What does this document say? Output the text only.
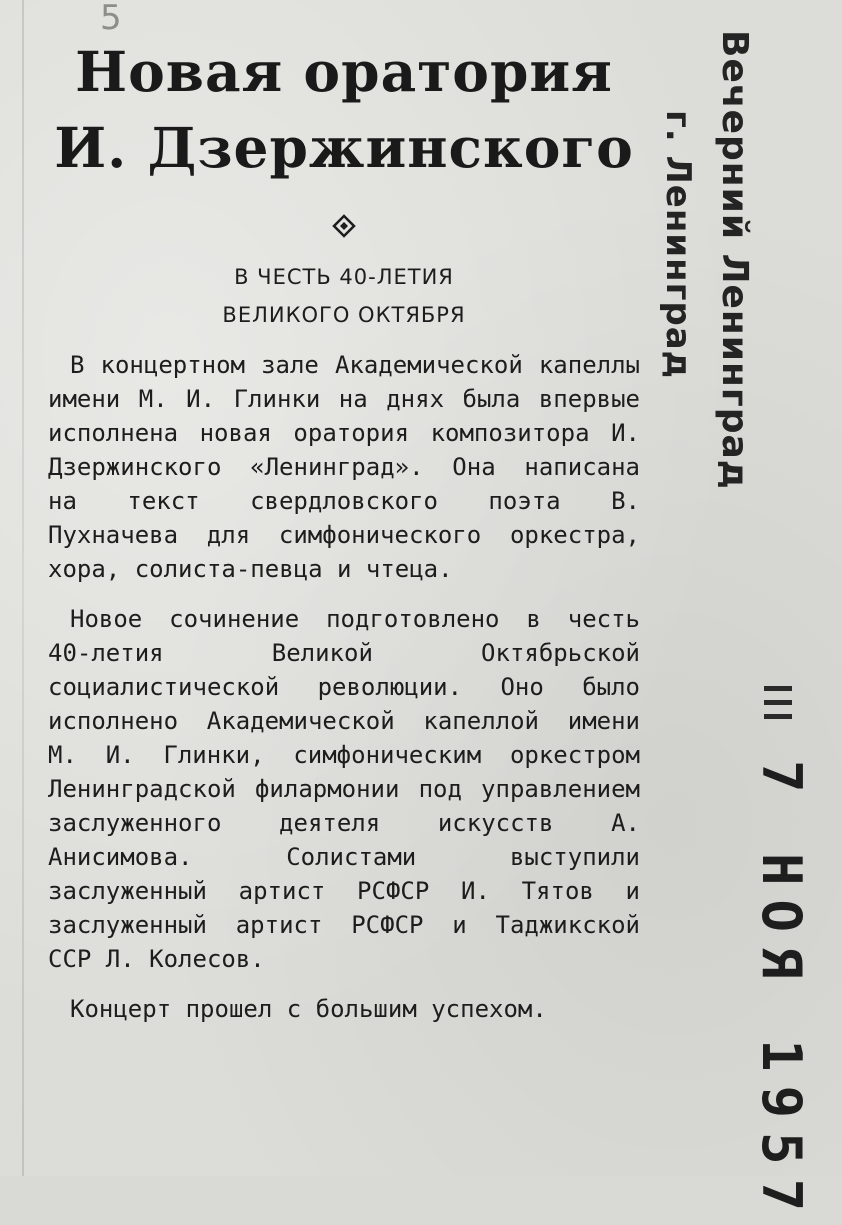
5
Новая оратория
И. Дзержинского

В ЧЕСТЬ 40-ЛЕТИЯ
ВЕЛИКОГО ОКТЯБРЯ

В концертном зале Академической капеллы имени М. И. Глинки на днях была впервые исполнена новая оратория композитора И. Дзержинского «Ленинград». Она написана на текст свердловского поэта В. Пухначева для симфонического оркестра, хора, солиста-певца и чтеца.

Новое сочинение подготовлено в честь 40-летия Великой Октябрьской социалистической революции. Оно было исполнено Академической капеллой имени М. И. Глинки, симфоническим оркестром Ленинградской филармонии под управлением заслуженного деятеля искусств А. Анисимова. Солистами выступили заслуженный артист РСФСР И. Тятов и заслуженный артист РСФСР и Таджикской ССР Л. Колесов.

Концерт прошел с большим успехом.

Вечерний Ленинград
г. Ленинград
7 НОЯ 1957
